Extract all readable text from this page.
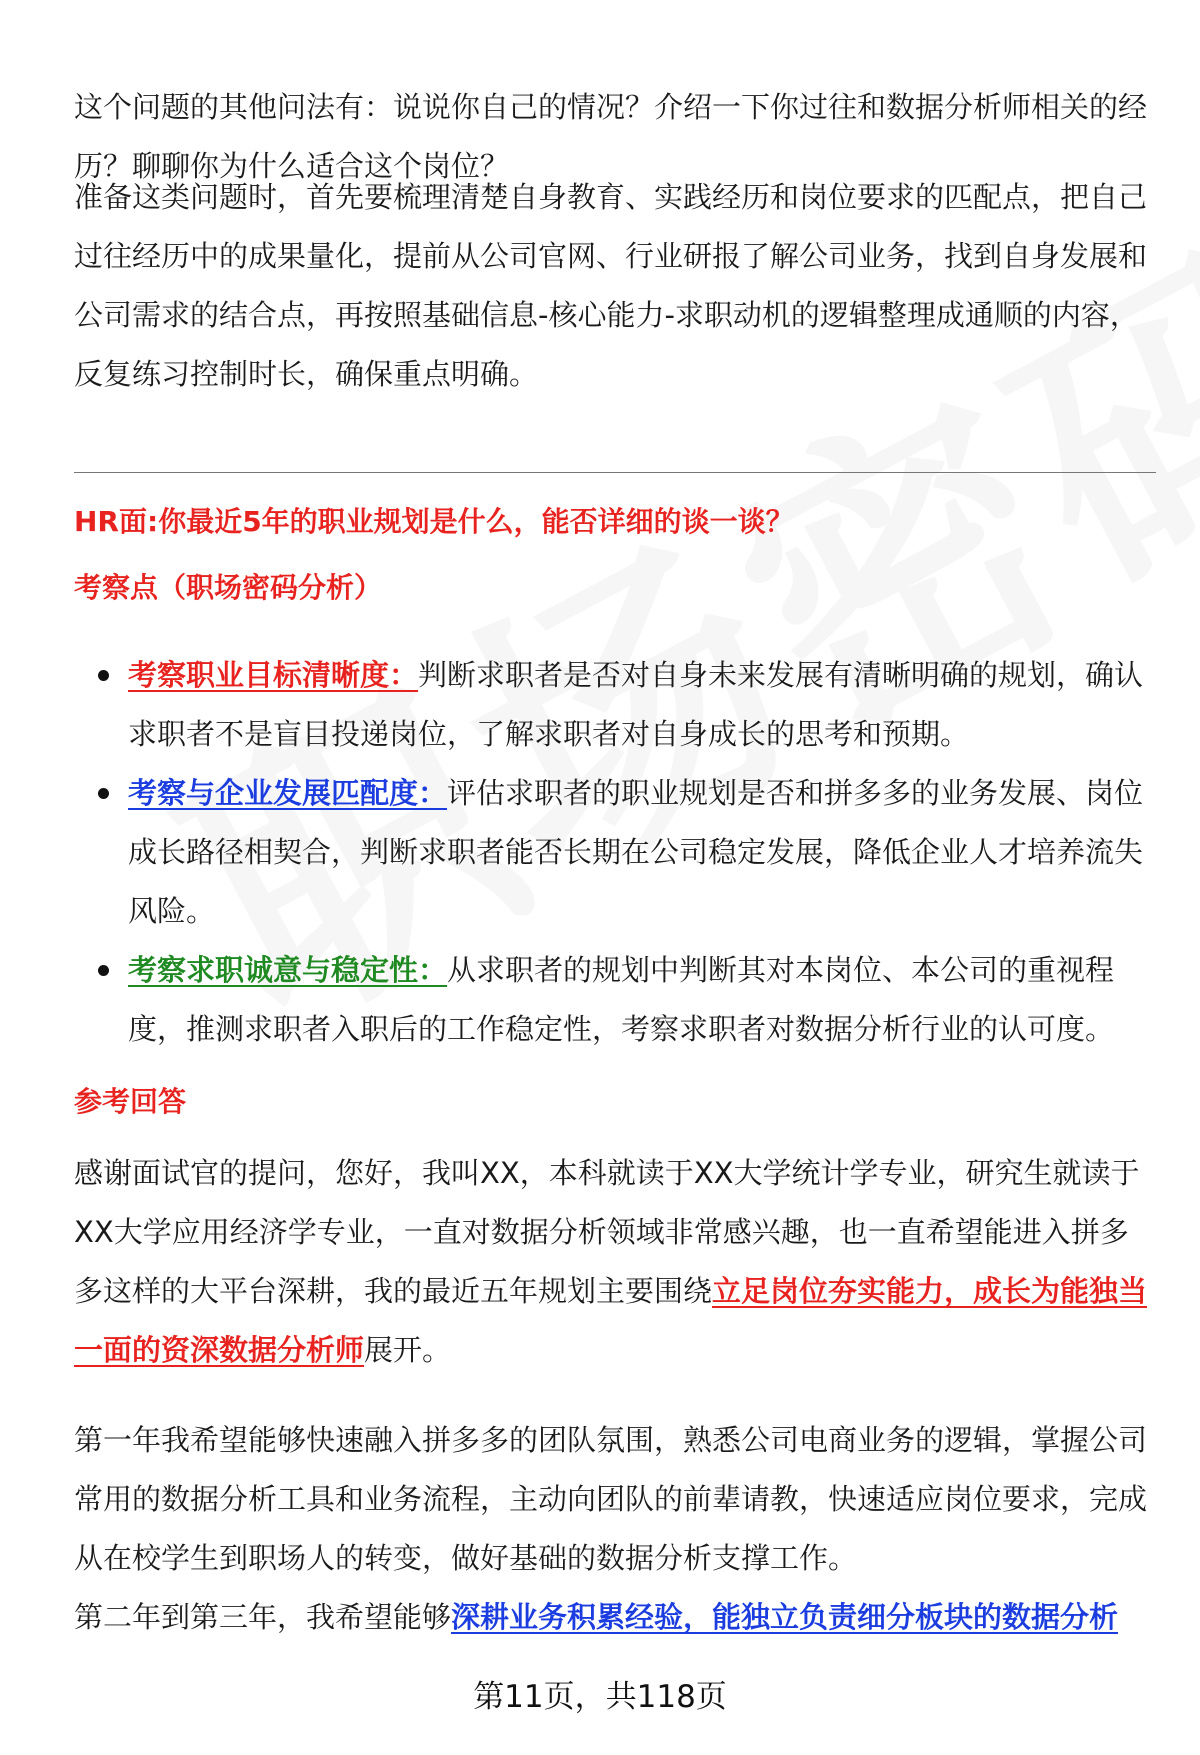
这个问题的其他问法有：说说你自己的情况？介绍一下你过往和数据分析师相关的经历？聊聊你为什么适合这个岗位？

准备这类问题时，首先要梳理清楚自身教育、实践经历和岗位要求的匹配点，把自己过往经历中的成果量化，提前从公司官网、行业研报了解公司业务，找到自身发展和公司需求的结合点，再按照基础信息-核心能力-求职动机的逻辑整理成通顺的内容，反复练习控制时长，确保重点明确。

HR面:你最近5年的职业规划是什么，能否详细的谈一谈？
考察点（职场密码分析）
考察职业目标清晰度：判断求职者是否对自身未来发展有清晰明确的规划，确认求职者不是盲目投递岗位，了解求职者对自身成长的思考和预期。
考察与企业发展匹配度：评估求职者的职业规划是否和拼多多的业务发展、岗位成长路径相契合，判断求职者能否长期在公司稳定发展，降低企业人才培养流失风险。
考察求职诚意与稳定性：从求职者的规划中判断其对本岗位、本公司的重视程度，推测求职者入职后的工作稳定性，考察求职者对数据分析行业的认可度。
参考回答

感谢面试官的提问，您好，我叫XX，本科就读于XX大学统计学专业，研究生就读于XX大学应用经济学专业，一直对数据分析领域非常感兴趣，也一直希望能进入拼多多这样的大平台深耕，我的最近五年规划主要围绕立足岗位夯实能力，成长为能独当一面的资深数据分析师展开。

第一年我希望能够快速融入拼多多的团队氛围，熟悉公司电商业务的逻辑，掌握公司常用的数据分析工具和业务流程，主动向团队的前辈请教，快速适应岗位要求，完成从在校学生到职场人的转变，做好基础的数据分析支撑工作。

第二年到第三年，我希望能够深耕业务积累经验，能独立负责细分板块的数据分析

第11页，共118页
